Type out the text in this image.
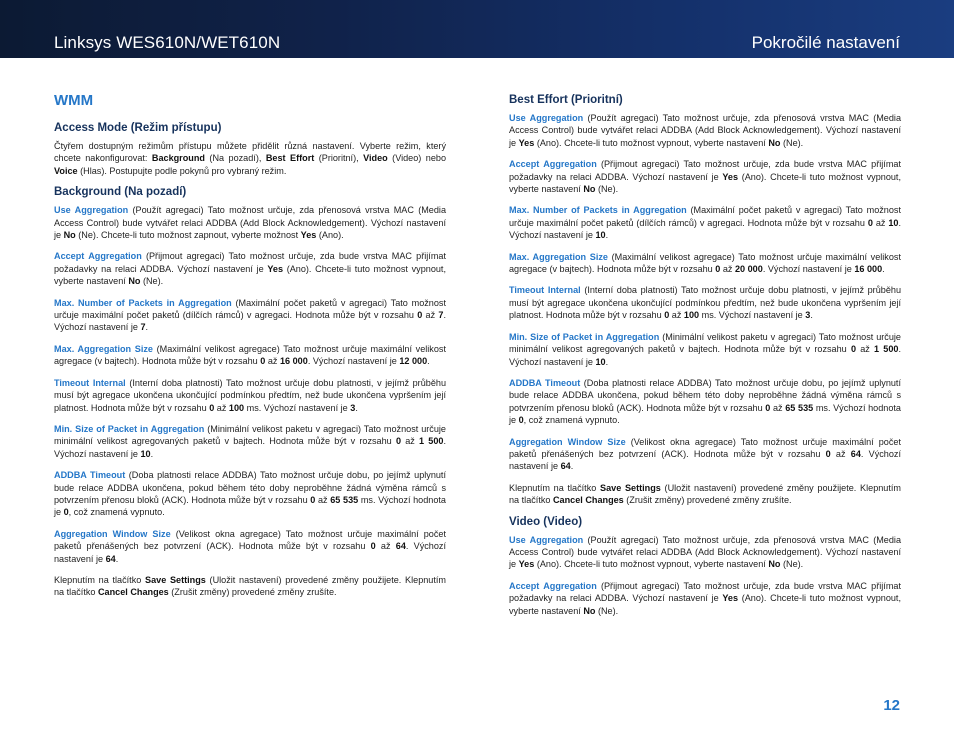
Linksys WES610N/WET610N	Pokročilé nastavení
WMM
Access Mode (Režim přístupu)

Čtyřem dostupným režimům přístupu můžete přidělit různá nastavení. Vyberte režim, který chcete nakonfigurovat: Background (Na pozadí), Best Effort (Prioritní), Video (Video) nebo Voice (Hlas). Postupujte podle pokynů pro vybraný režim.

Background (Na pozadí)

Use Aggregation (Použít agregaci) Tato možnost určuje, zda přenosová vrstva MAC (Media Access Control) bude vytvářet relaci ADDBA (Add Block Acknowledgement). Výchozí nastavení je No (Ne). Chcete-li tuto možnost zapnout, vyberte možnost Yes (Ano).

Accept Aggregation (Přijmout agregaci) Tato možnost určuje, zda bude vrstva MAC přijímat požadavky na relaci ADDBA. Výchozí nastavení je Yes (Ano). Chcete-li tuto možnost vypnout, vyberte nastavení No (Ne).

Max. Number of Packets in Aggregation (Maximální počet paketů v agregaci) Tato možnost určuje maximální počet paketů (dílčích rámců) v agregaci. Hodnota může být v rozsahu 0 až 7. Výchozí nastavení je 7.

Max. Aggregation Size (Maximální velikost agregace) Tato možnost určuje maximální velikost agregace (v bajtech). Hodnota může být v rozsahu 0 až 16 000. Výchozí nastavení je 12 000.

Timeout Internal (Interní doba platnosti) Tato možnost určuje dobu platnosti, v jejímž průběhu musí být agregace ukončena ukončující podmínkou předtím, než bude ukončena vypršením její platnost. Hodnota může být v rozsahu 0 až 100 ms. Výchozí nastavení je 3.

Min. Size of Packet in Aggregation (Minimální velikost paketu v agregaci) Tato možnost určuje minimální velikost agregovaných paketů v bajtech. Hodnota může být v rozsahu 0 až 1 500. Výchozí nastavení je 10.

ADDBA Timeout (Doba platnosti relace ADDBA) Tato možnost určuje dobu, po jejímž uplynutí bude relace ADDBA ukončena, pokud během této doby neproběhne žádná výměna rámců s potvrzením přenosu bloků (ACK). Hodnota může být v rozsahu 0 až 65 535 ms. Výchozí hodnota je 0, což znamená vypnuto.

Aggregation Window Size (Velikost okna agregace) Tato možnost určuje maximální počet paketů přenášených bez potvrzení (ACK). Hodnota může být v rozsahu 0 až 64. Výchozí nastavení je 64.

Klepnutím na tlačítko Save Settings (Uložit nastavení) provedené změny použijete. Klepnutím na tlačítko Cancel Changes (Zrušit změny) provedené změny zrušíte.

Best Effort (Prioritní)

Use Aggregation (Použít agregaci) Tato možnost určuje, zda přenosová vrstva MAC (Media Access Control) bude vytvářet relaci ADDBA (Add Block Acknowledgement). Výchozí nastavení je Yes (Ano). Chcete-li tuto možnost vypnout, vyberte nastavení No (Ne).

Accept Aggregation (Přijmout agregaci) Tato možnost určuje, zda bude vrstva MAC přijímat požadavky na relaci ADDBA. Výchozí nastavení je Yes (Ano). Chcete-li tuto možnost vypnout, vyberte nastavení No (Ne).

Max. Number of Packets in Aggregation (Maximální počet paketů v agregaci) Tato možnost určuje maximální počet paketů (dílčích rámců) v agregaci. Hodnota může být v rozsahu 0 až 10. Výchozí nastavení je 10.

Max. Aggregation Size (Maximální velikost agregace) Tato možnost určuje maximální velikost agregace (v bajtech). Hodnota může být v rozsahu 0 až 20 000. Výchozí nastavení je 16 000.

Timeout Internal (Interní doba platnosti) Tato možnost určuje dobu platnosti, v jejímž průběhu musí být agregace ukončena ukončující podmínkou předtím, než bude ukončena vypršením její platnost. Hodnota může být v rozsahu 0 až 100 ms. Výchozí nastavení je 3.

Min. Size of Packet in Aggregation (Minimální velikost paketu v agregaci) Tato možnost určuje minimální velikost agregovaných paketů v bajtech. Hodnota může být v rozsahu 0 až 1 500. Výchozí nastavení je 10.

ADDBA Timeout (Doba platnosti relace ADDBA) Tato možnost určuje dobu, po jejímž uplynutí bude relace ADDBA ukončena, pokud během této doby neproběhne žádná výměna rámců s potvrzením přenosu bloků (ACK). Hodnota může být v rozsahu 0 až 65 535 ms. Výchozí hodnota je 0, což znamená vypnuto.

Aggregation Window Size (Velikost okna agregace) Tato možnost určuje maximální počet paketů přenášených bez potvrzení (ACK). Hodnota může být v rozsahu 0 až 64. Výchozí nastavení je 64.

Klepnutím na tlačítko Save Settings (Uložit nastavení) provedené změny použijete. Klepnutím na tlačítko Cancel Changes (Zrušit změny) provedené změny zrušíte.

Video (Video)

Use Aggregation (Použít agregaci) Tato možnost určuje, zda přenosová vrstva MAC (Media Access Control) bude vytvářet relaci ADDBA (Add Block Acknowledgement). Výchozí nastavení je Yes (Ano). Chcete-li tuto možnost vypnout, vyberte nastavení No (Ne).

Accept Aggregation (Přijmout agregaci) Tato možnost určuje, zda bude vrstva MAC přijímat požadavky na relaci ADDBA. Výchozí nastavení je Yes (Ano). Chcete-li tuto možnost vypnout, vyberte nastavení No (Ne).

12
